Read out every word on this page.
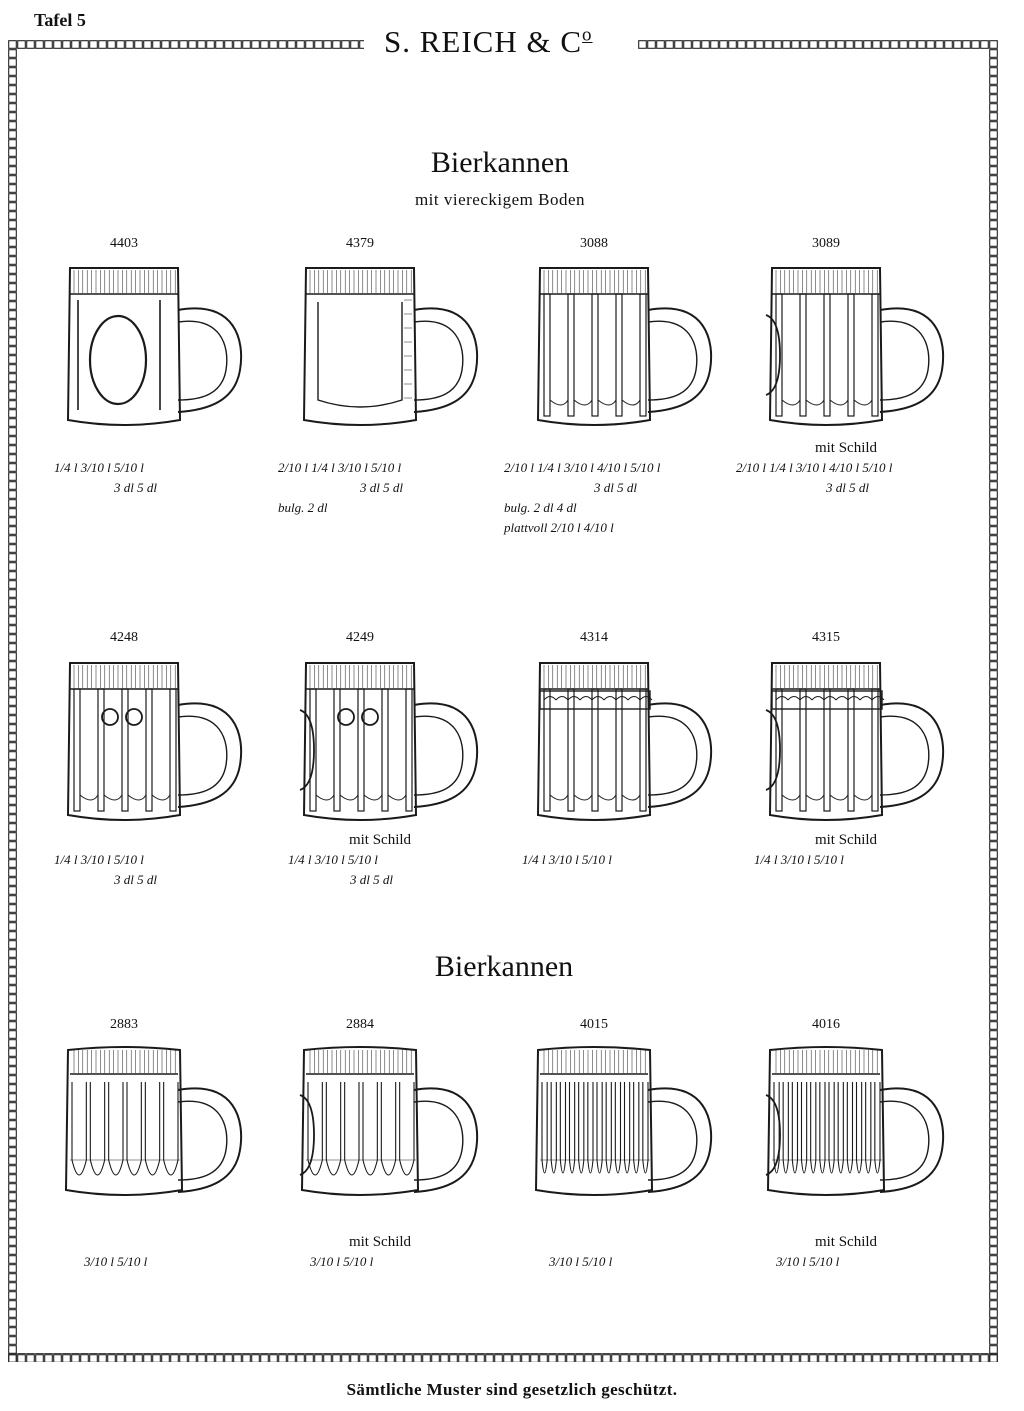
Tafel 5
S. REICH & $C^o$
Bierkannen
mit viereckigem Boden
Bierkannen
4403
1/4 l 3/10 l 5/10 l
3 dl 5 dl
4379
2/10 l 1/4 l 3/10 l 5/10 l
3 dl 5 dl
bulg. 2 dl
3088
2/10 l 1/4 l 3/10 l 4/10 l 5/10 l
3 dl 5 dl
bulg. 2 dl 4 dl
plattvoll 2/10 l 4/10 l
3089
mit Schild
2/10 l 1/4 l 3/10 l 4/10 l 5/10 l
3 dl 5 dl
4248
1/4 l 3/10 l 5/10 l
3 dl 5 dl
4249
mit Schild
1/4 l 3/10 l 5/10 l
3 dl 5 dl
4314
1/4 l 3/10 l 5/10 l
4315
mit Schild
1/4 l 3/10 l 5/10 l
2883
3/10 l 5/10 l
2884
mit Schild
3/10 l 5/10 l
4015
3/10 l 5/10 l
4016
mit Schild
3/10 l 5/10 l
Sämtliche Muster sind gesetzlich geschützt.
